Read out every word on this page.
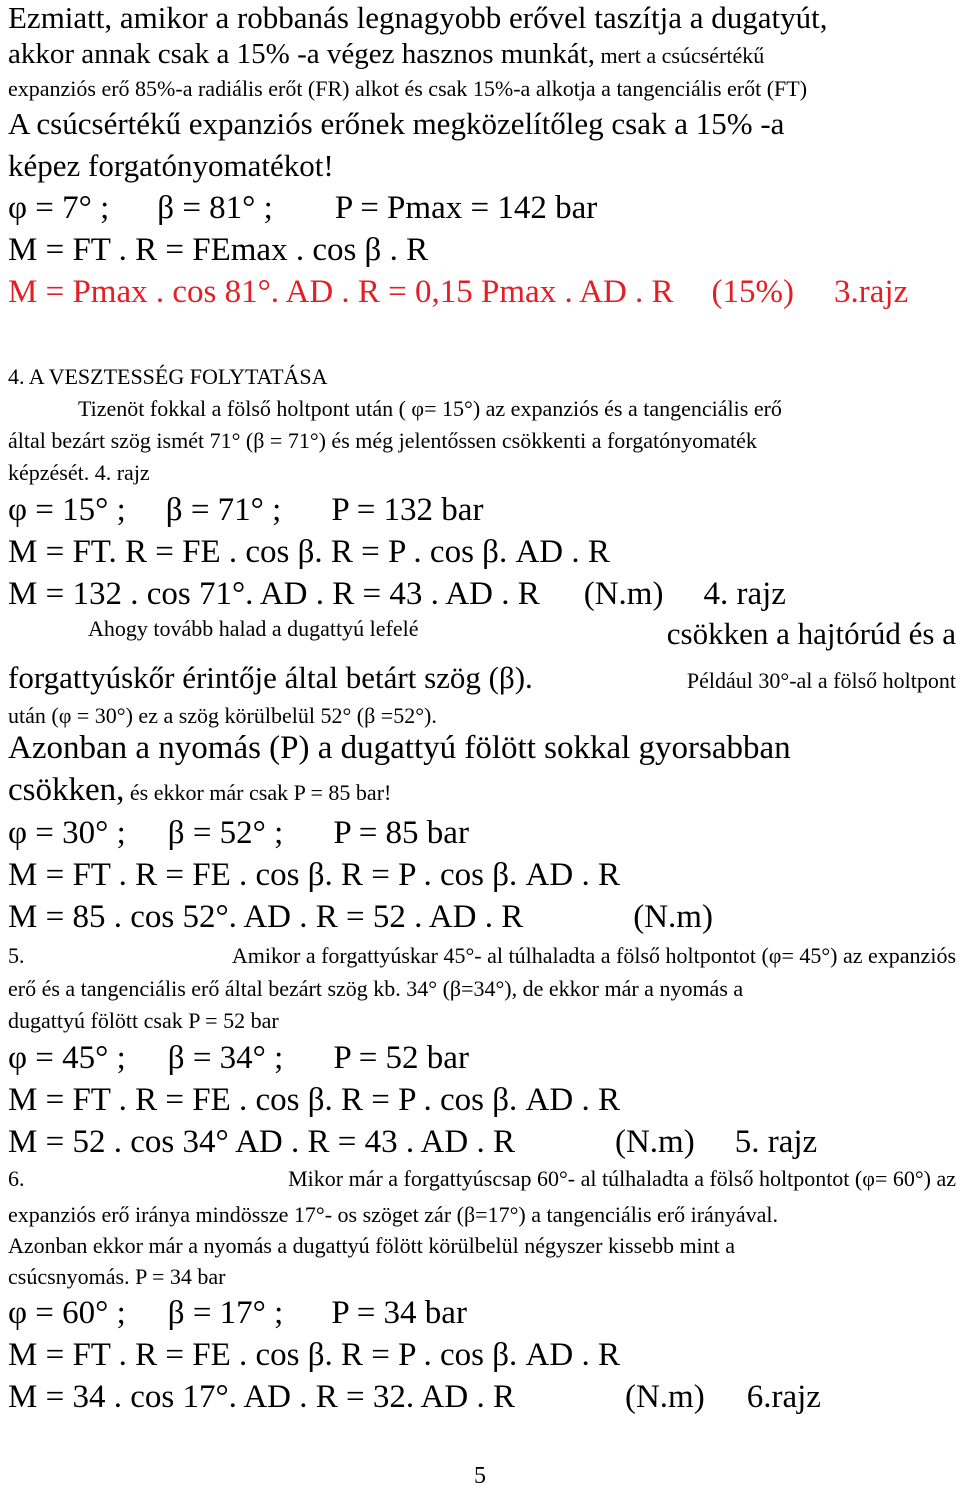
Ezmiatt, amikor a robbanás legnagyobb erővel taszítja a dugatyút,
akkor annak csak a 15% -a végez hasznos munkát, mert a csúcsértékű
expanziós erő 85%-a radiális erőt (FR) alkot és csak 15%-a alkotja a tangenciális erőt (FT)
A csúcsértékű expanziós erőnek megközelítőleg csak a 15% -a
képez forgatónyomatékot!
φ = 7° ; β = 81° ; P = Pmax = 142 bar
M = FT . R = FEmax . cos β . R
M = Pmax . cos 81°. AD . R = 0,15 Pmax . AD . R (15%) 3.rajz
4. A VESZTESSÉG FOLYTATÁSA
Tizenöt fokkal a fölső holtpont után ( φ= 15°) az expanziós és a tangenciális erő
által bezárt szög ismét 71° (β = 71°) és még jelentőssen csökkenti a forgatónyomaték
képzését. 4. rajz
φ = 15° ; β = 71° ; P = 132 bar
M = FT. R = FE . cos β. R = P . cos β. AD . R
M = 132 . cos 71°. AD . R = 43 . AD . R (N.m) 4. rajz
Ahogy tovább halad a dugattyú lefelé	csökken a hajtórúd és a
forgattyúskőr érintője által betárt szög (β).	Például 30°-al a fölső holtpont
után (φ = 30°) ez a szög körülbelül 52° (β =52°).
Azonban a nyomás (P) a dugattyú fölött sokkal gyorsabban
csökken, és ekkor már csak P = 85 bar!
φ = 30° ; β = 52° ; P = 85 bar
M = FT . R = FE . cos β. R = P . cos β. AD . R
M = 85 . cos 52°. AD . R = 52 . AD . R	(N.m)
5.	Amikor a forgattyúskar 45°- al túlhaladta a fölső holtpontot (φ= 45°) az expanziós
erő és a tangenciális erő által bezárt szög kb. 34° (β=34°), de ekkor már a nyomás a
dugattyú fölött csak P = 52 bar
φ = 45° ; β = 34° ; P = 52 bar
M = FT . R = FE . cos β. R = P . cos β. AD . R
M = 52 . cos 34° AD . R = 43 . AD . R	(N.m) 5. rajz
6.	Mikor már a forgattyúscsap 60°- al túlhaladta a fölső holtpontot (φ= 60°) az
expanziós erő iránya mindössze 17°- os szöget zár (β=17°) a tangenciális erő irányával.
Azonban ekkor már a nyomás a dugattyú fölött körülbelül négyszer kissebb mint a
csúcsnyomás. P = 34 bar
φ = 60° ; β = 17° ; P = 34 bar
M = FT . R = FE . cos β. R = P . cos β. AD . R
M = 34 . cos 17°. AD . R = 32. AD . R	(N.m) 6.rajz
5
